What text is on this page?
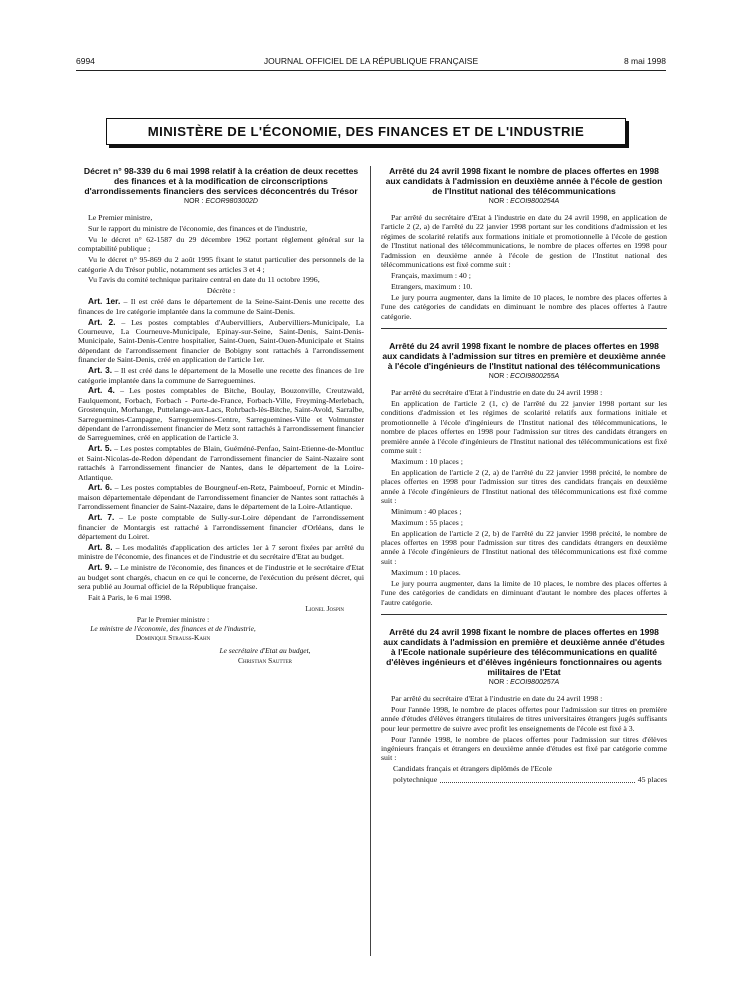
6994	JOURNAL OFFICIEL DE LA RÉPUBLIQUE FRANÇAISE	8 mai 1998
MINISTÈRE DE L'ÉCONOMIE, DES FINANCES ET DE L'INDUSTRIE
Décret n° 98-339 du 6 mai 1998 relatif à la création de deux recettes des finances et à la modification de circonscriptions d'arrondissements financiers des services déconcentrés du Trésor
NOR : ECOR9803002D

Le Premier ministre,

Sur le rapport du ministre de l'économie, des finances et de l'industrie,

Vu le décret n° 62-1587 du 29 décembre 1962 portant règlement général sur la comptabilité publique ;

Vu le décret n° 95-869 du 2 août 1995 fixant le statut particulier des personnels de la catégorie A du Trésor public, notamment ses articles 3 et 4 ;

Vu l'avis du comité technique paritaire central en date du 11 octobre 1996,

Décrète :

Art. 1er. – Il est créé dans le département de la Seine-Saint-Denis une recette des finances de 1re catégorie implantée dans la commune de Saint-Denis.

Art. 2. – Les postes comptables d'Aubervilliers, Aubervilliers-Municipale, La Courneuve, La Courneuve-Municipale, Epinay-sur-Seine, Saint-Denis, Saint-Denis-Municipale, Saint-Denis-Centre hospitalier, Saint-Ouen, Saint-Ouen-Municipale et Stains dépendant de l'arrondissement financier de Bobigny sont rattachés à l'arrondissement financier de Saint-Denis, créé en application de l'article 1er.

Art. 3. – Il est créé dans le département de la Moselle une recette des finances de 1re catégorie implantée dans la commune de Sarreguemines.

Art. 4. – Les postes comptables de Bitche, Boulay, Bouzonville, Creutzwald, Faulquemont, Forbach, Forbach - Porte-de-France, Forbach-Ville, Freyming-Merlebach, Grostenquin, Morhange, Puttelange-aux-Lacs, Rohrbach-lès-Bitche, Saint-Avold, Sarralbe, Sarreguemines-Campagne, Sarreguemines-Centre, Sarreguemines-Ville et Volmunster dépendant de l'arrondissement financier de Metz sont rattachés à l'arrondissement financier de Sarreguemines, créé en application de l'article 3.

Art. 5. – Les postes comptables de Blain, Guéméné-Penfao, Saint-Etienne-de-Montluc et Saint-Nicolas-de-Redon dépendant de l'arrondissement financier de Saint-Nazaire sont rattachés à l'arrondissement financier de Nantes, dans le département de la Loire-Atlantique.

Art. 6. – Les postes comptables de Bourgneuf-en-Retz, Paimboeuf, Pornic et Mindin-maison départementale dépendant de l'arrondissement financier de Nantes sont rattachés à l'arrondissement financier de Saint-Nazaire, dans le département de la Loire-Atlantique.

Art. 7. – Le poste comptable de Sully-sur-Loire dépendant de l'arrondissement financier de Montargis est rattaché à l'arrondissement financier d'Orléans, dans le département du Loiret.

Art. 8. – Les modalités d'application des articles 1er à 7 seront fixées par arrêté du ministre de l'économie, des finances et de l'industrie et du secrétaire d'Etat au budget.

Art. 9. – Le ministre de l'économie, des finances et de l'industrie et le secrétaire d'Etat au budget sont chargés, chacun en ce qui le concerne, de l'exécution du présent décret, qui sera publié au Journal officiel de la République française.

Fait à Paris, le 6 mai 1998.

Lionel Jospin

Par le Premier ministre :
Le ministre de l'économie, des finances et de l'industrie,
Dominique Strauss-Kahn
Le secrétaire d'Etat au budget,
Christian Sautter
Arrêté du 24 avril 1998 fixant le nombre de places offertes en 1998 aux candidats à l'admission en deuxième année à l'école de gestion de l'Institut national des télécommunications
NOR : ECOI9800254A

Par arrêté du secrétaire d'Etat à l'industrie en date du 24 avril 1998, en application de l'article 2 (2, a) de l'arrêté du 22 janvier 1998 portant sur les conditions d'admission et les régimes de scolarité relatifs aux formations initiale et promotionnelle à l'école de gestion de l'Institut national des télécommunications, le nombre de places offertes en 1998 pour l'admission en deuxième année à l'école de gestion de l'Institut national des télécommunications est fixé comme suit :

Français, maximum : 40 ;

Etrangers, maximum : 10.

Le jury pourra augmenter, dans la limite de 10 places, le nombre des places offertes à l'une des catégories de candidats en diminuant le nombre des places offertes à l'autre catégorie.

Arrêté du 24 avril 1998 fixant le nombre de places offertes en 1998 aux candidats à l'admission sur titres en première et deuxième année à l'école d'ingénieurs de l'Institut national des télécommunications
NOR : ECOI9800255A

Par arrêté du secrétaire d'Etat à l'industrie en date du 24 avril 1998 :

En application de l'article 2 (1, c) de l'arrêté du 22 janvier 1998 portant sur les conditions d'admission et les régimes de scolarité relatifs aux formations initiale et promotionnelle à l'école d'ingénieurs de l'Institut national des télécommunications, le nombre de places offertes en 1998 pour l'admission sur titres des candidats étrangers en première année à l'école d'ingénieurs de l'Institut national des télécommunications est fixé comme suit :

Maximum : 10 places ;

En application de l'article 2 (2, a) de l'arrêté du 22 janvier 1998 précité, le nombre de places offertes en 1998 pour l'admission sur titres des candidats français en deuxième année à l'école d'ingénieurs de l'Institut national des télécommunications est fixé comme suit :

Minimum : 40 places ;

Maximum : 55 places ;

En application de l'article 2 (2, b) de l'arrêté du 22 janvier 1998 précité, le nombre de places offertes en 1998 pour l'admission sur titres des candidats étrangers en deuxième année à l'école d'ingénieurs de l'Institut national des télécommunications est fixé comme suit :

Maximum : 10 places.

Le jury pourra augmenter, dans la limite de 10 places, le nombre des places offertes à l'une des catégories de candidats en diminuant d'autant le nombre des places offertes à l'autre catégorie.

Arrêté du 24 avril 1998 fixant le nombre de places offertes en 1998 aux candidats à l'admission en première et deuxième année d'études à l'Ecole nationale supérieure des télécommunications en qualité d'élèves ingénieurs et d'élèves ingénieurs fonctionnaires ou agents militaires de l'Etat
NOR : ECOI9800257A

Par arrêté du secrétaire d'Etat à l'industrie en date du 24 avril 1998 :

Pour l'année 1998, le nombre de places offertes pour l'admission sur titres en première année d'études d'élèves étrangers titulaires de titres universitaires étrangers jugés suffisants pour leur permettre de suivre avec profit les enseignements de l'école est fixé à 3.

Pour l'année 1998, le nombre de places offertes pour l'admission sur titres d'élèves ingénieurs français et étrangers en deuxième année d'études est fixé par catégorie comme suit :

Candidats français et étrangers diplômés de l'Ecole

polytechnique	45 places
